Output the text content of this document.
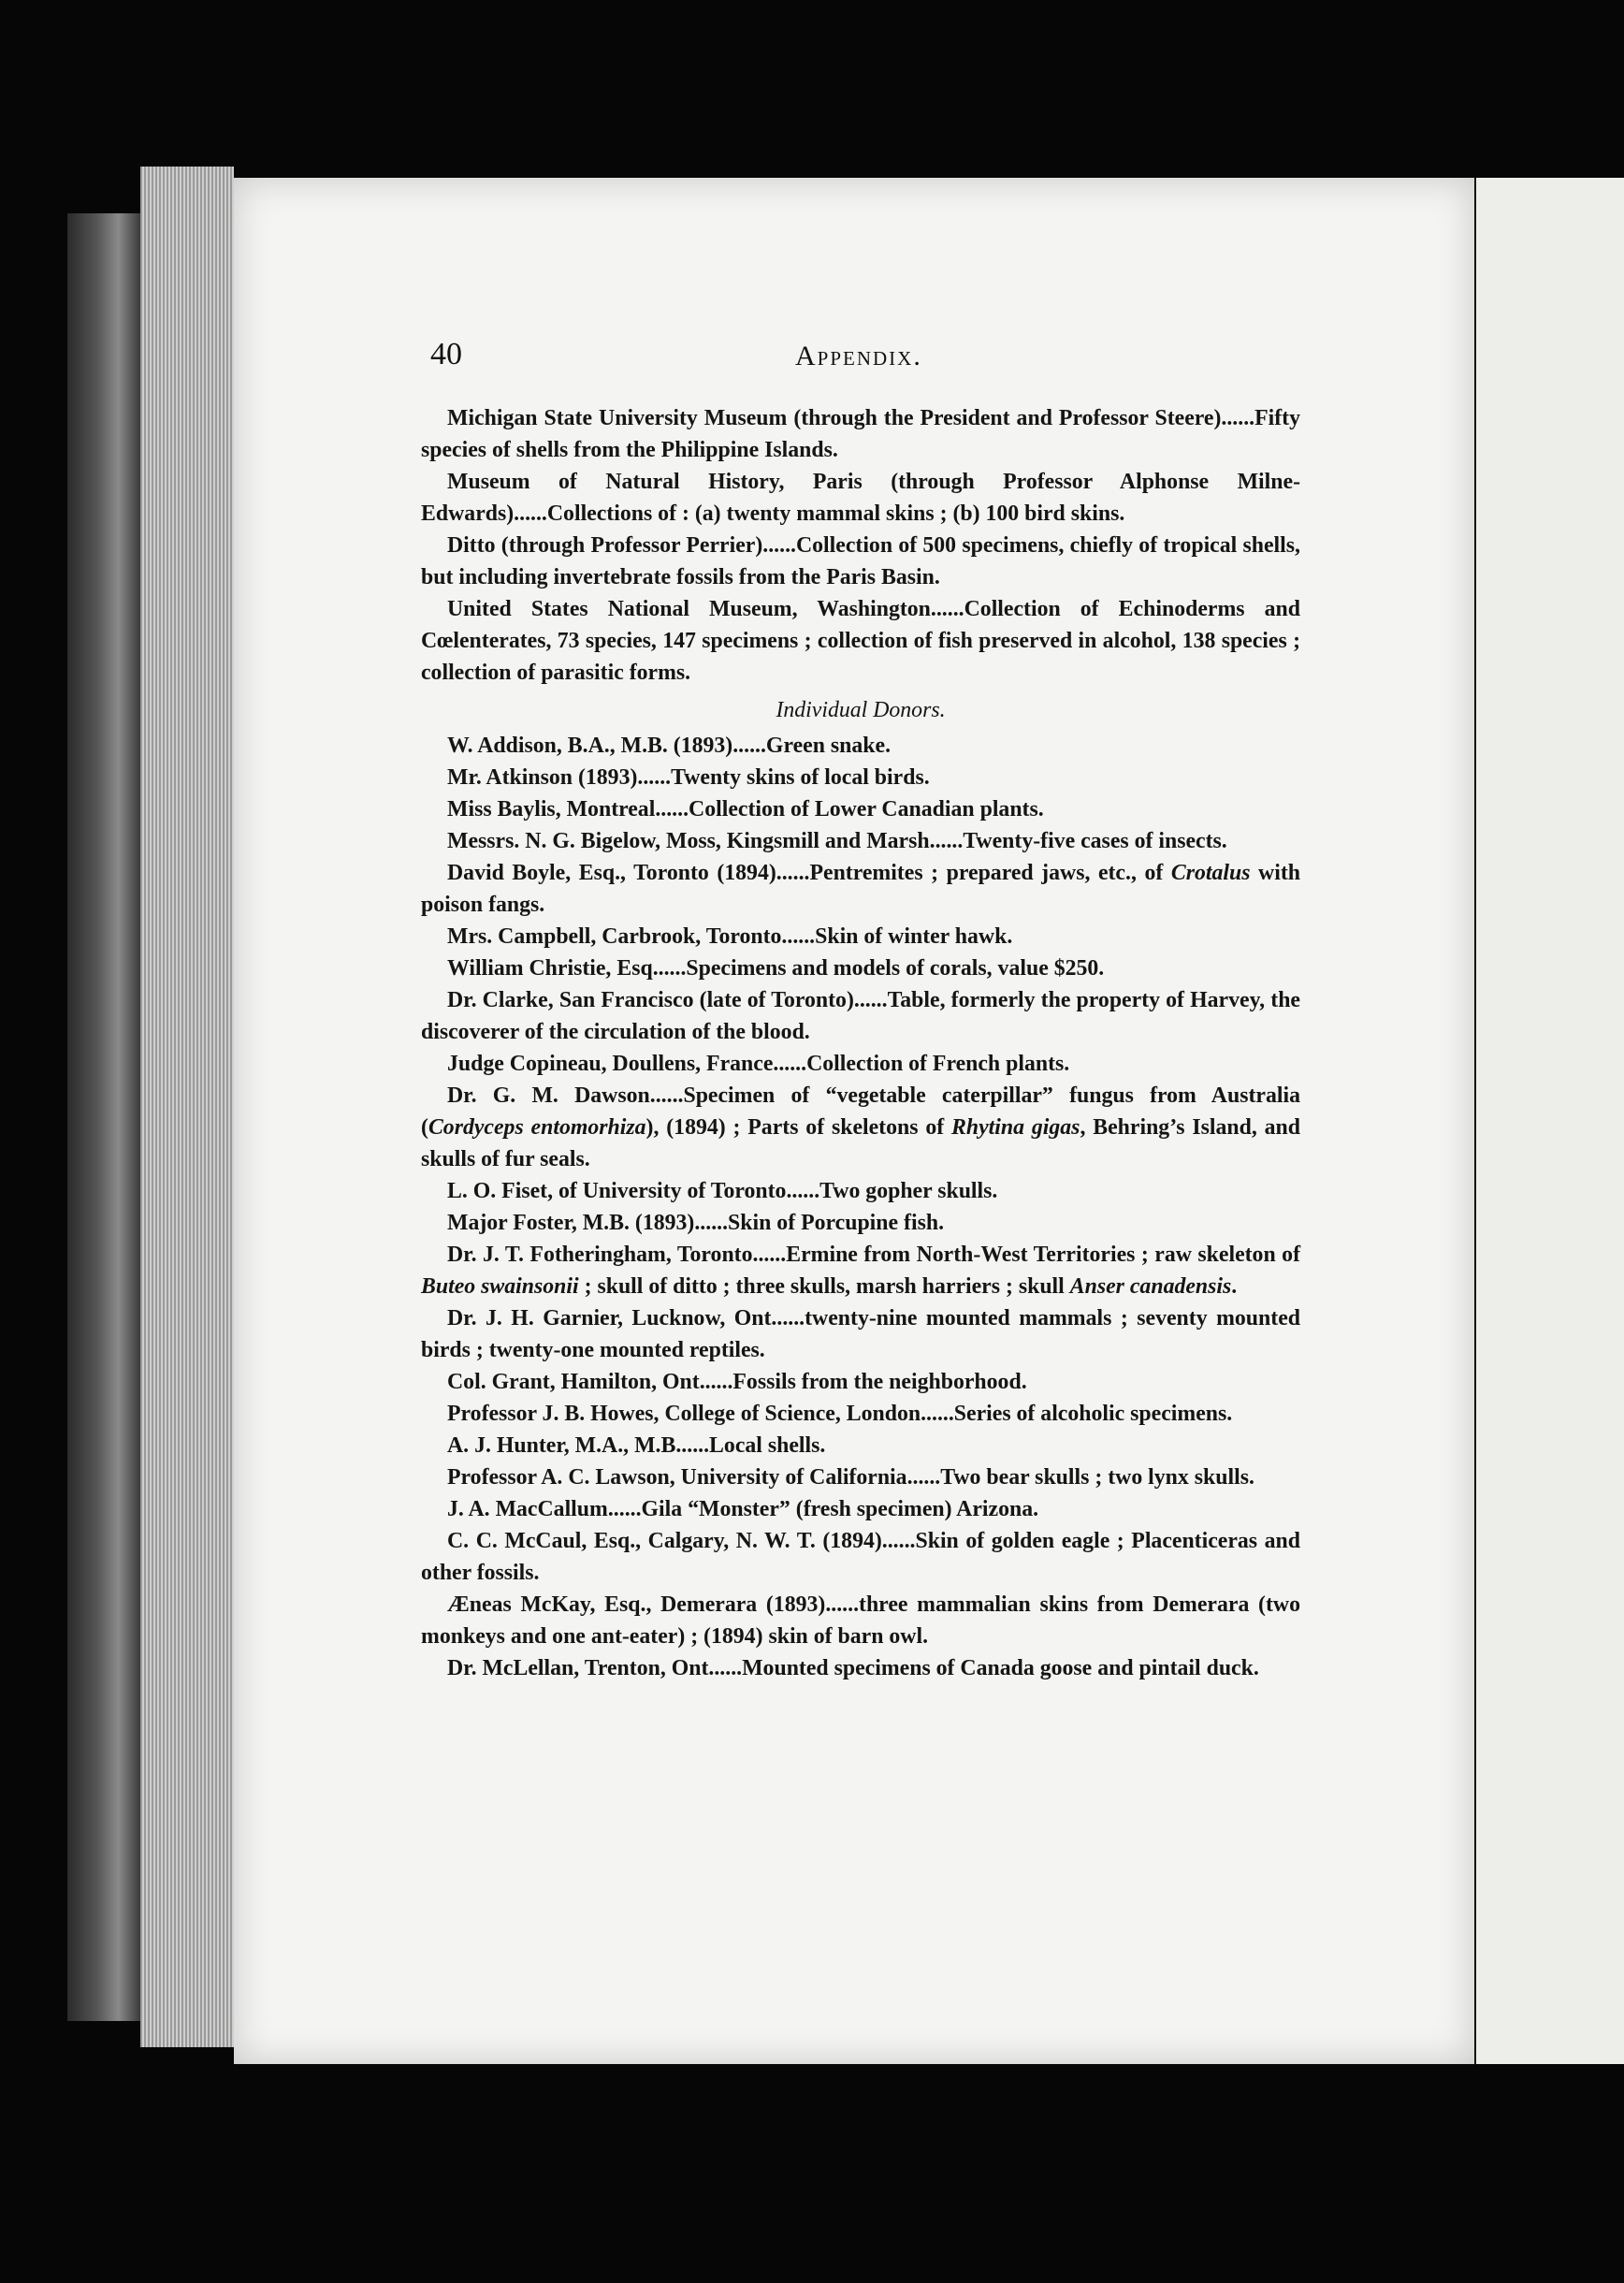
40	Appendix.

Michigan State University Museum (through the President and Professor Steere)......Fifty species of shells from the Philippine Islands.

Museum of Natural History, Paris (through Professor Alphonse Milne-Edwards)......Collections of : (a) twenty mammal skins ; (b) 100 bird skins.

Ditto (through Professor Perrier)......Collection of 500 specimens, chiefly of tropical shells, but including invertebrate fossils from the Paris Basin.

United States National Museum, Washington......Collection of Echinoderms and Cœlenterates, 73 species, 147 specimens ; collection of fish preserved in alcohol, 138 species ; collection of parasitic forms.

Individual Donors.

W. Addison, B.A., M.B. (1893)......Green snake.

Mr. Atkinson (1893)......Twenty skins of local birds.

Miss Baylis, Montreal......Collection of Lower Canadian plants.

Messrs. N. G. Bigelow, Moss, Kingsmill and Marsh......Twenty-five cases of insects.

David Boyle, Esq., Toronto (1894)......Pentremites ; prepared jaws, etc., of Crotalus with poison fangs.

Mrs. Campbell, Carbrook, Toronto......Skin of winter hawk.

William Christie, Esq......Specimens and models of corals, value $250.

Dr. Clarke, San Francisco (late of Toronto)......Table, formerly the property of Harvey, the discoverer of the circulation of the blood.

Judge Copineau, Doullens, France......Collection of French plants.

Dr. G. M. Dawson......Specimen of “vegetable caterpillar” fungus from Australia (Cordyceps entomorhiza), (1894) ; Parts of skeletons of Rhytina gigas, Behring’s Island, and skulls of fur seals.

L. O. Fiset, of University of Toronto......Two gopher skulls.

Major Foster, M.B. (1893)......Skin of Porcupine fish.

Dr. J. T. Fotheringham, Toronto......Ermine from North-West Territories ; raw skeleton of Buteo swainsonii ; skull of ditto ; three skulls, marsh harriers ; skull Anser canadensis.

Dr. J. H. Garnier, Lucknow, Ont......twenty-nine mounted mammals ; seventy mounted birds ; twenty-one mounted reptiles.

Col. Grant, Hamilton, Ont......Fossils from the neighborhood.

Professor J. B. Howes, College of Science, London......Series of alcoholic specimens.

A. J. Hunter, M.A., M.B......Local shells.

Professor A. C. Lawson, University of California......Two bear skulls ; two lynx skulls.

J. A. MacCallum......Gila “Monster” (fresh specimen) Arizona.

C. C. McCaul, Esq., Calgary, N. W. T. (1894)......Skin of golden eagle ; Placenticeras and other fossils.

Æneas McKay, Esq., Demerara (1893)......three mammalian skins from Demerara (two monkeys and one ant-eater) ; (1894) skin of barn owl.

Dr. McLellan, Trenton, Ont......Mounted specimens of Canada goose and pintail duck.
